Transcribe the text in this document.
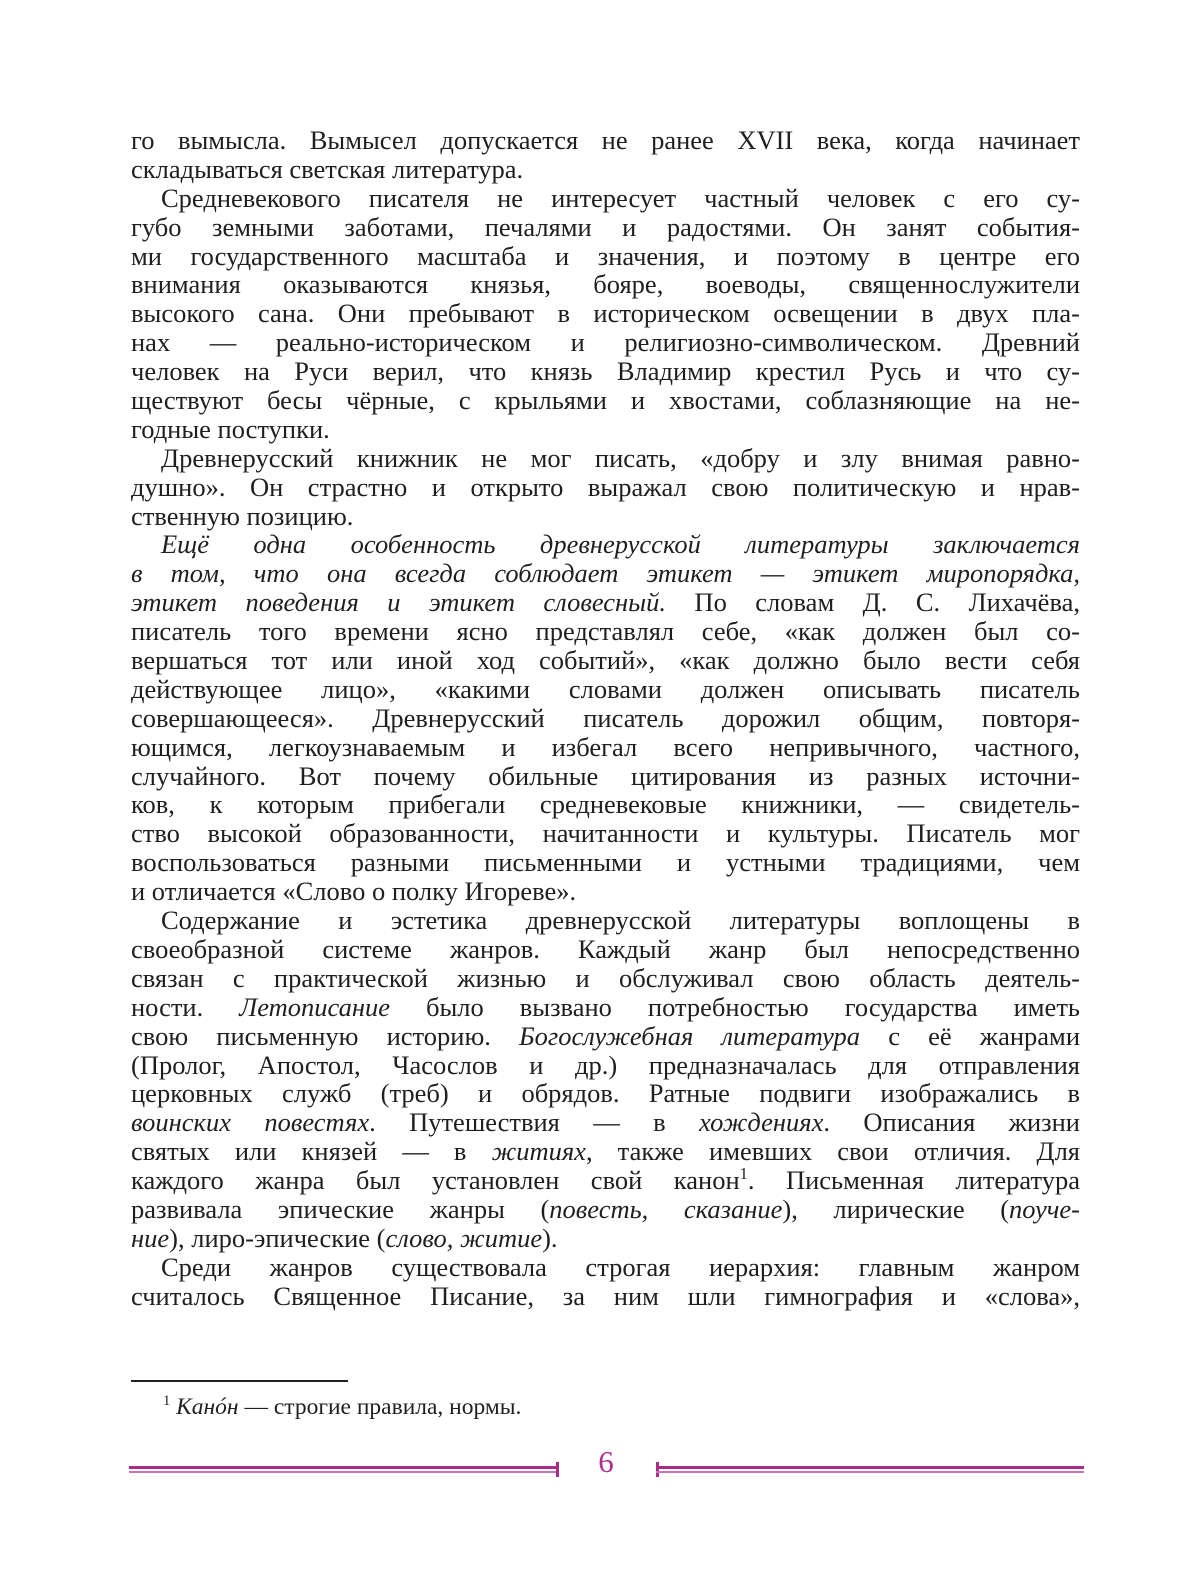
го вымысла. Вымысел допускается не ранее XVII века, когда начинает
складываться светская литература.
Средневекового писателя не интересует частный человек с его су-
губо земными заботами, печалями и радостями. Он занят события-
ми государственного масштаба и значения, и поэтому в центре его
внимания оказываются князья, бояре, воеводы, священнослужители
высокого сана. Они пребывают в историческом освещении в двух пла-
нах — реально-историческом и религиозно-символическом. Древний
человек на Руси верил, что князь Владимир крестил Русь и что су-
ществуют бесы чёрные, с крыльями и хвостами, соблазняющие на не-
годные поступки.
Древнерусский книжник не мог писать, «добру и злу внимая равно-
душно». Он страстно и открыто выражал свою политическую и нрав-
ственную позицию.
Ещё одна особенность древнерусской литературы заключается
в том, что она всегда соблюдает этикет — этикет миропорядка,
этикет поведения и этикет словесный. По словам Д. С. Лихачёва,
писатель того времени ясно представлял себе, «как должен был со-
вершаться тот или иной ход событий», «как должно было вести себя
действующее лицо», «какими словами должен описывать писатель
совершающееся». Древнерусский писатель дорожил общим, повторя-
ющимся, легкоузнаваемым и избегал всего непривычного, частного,
случайного. Вот почему обильные цитирования из разных источни-
ков, к которым прибегали средневековые книжники, — свидетель-
ство высокой образованности, начитанности и культуры. Писатель мог
воспользоваться разными письменными и устными традициями, чем
и отличается «Слово о полку Игореве».
Содержание и эстетика древнерусской литературы воплощены в
своеобразной системе жанров. Каждый жанр был непосредственно
связан с практической жизнью и обслуживал свою область деятель-
ности. Летописание было вызвано потребностью государства иметь
свою письменную историю. Богослужебная литература с её жанрами
(Пролог, Апостол, Часослов и др.) предназначалась для отправления
церковных служб (треб) и обрядов. Ратные подвиги изображались в
воинских повестях. Путешествия — в хождениях. Описания жизни
святых или князей — в житиях, также имевших свои отличия. Для
каждого жанра был установлен свой канон$^1$. Письменная литература
развивала эпические жанры (повесть, сказание), лирические (поуче-
ние), лиро-эпические (слово, житие).
Среди жанров существовала строгая иерархия: главным жанром
считалось Священное Писание, за ним шли гимнография и «слова»,
$^1$ Канóн — строгие правила, нормы.
6
